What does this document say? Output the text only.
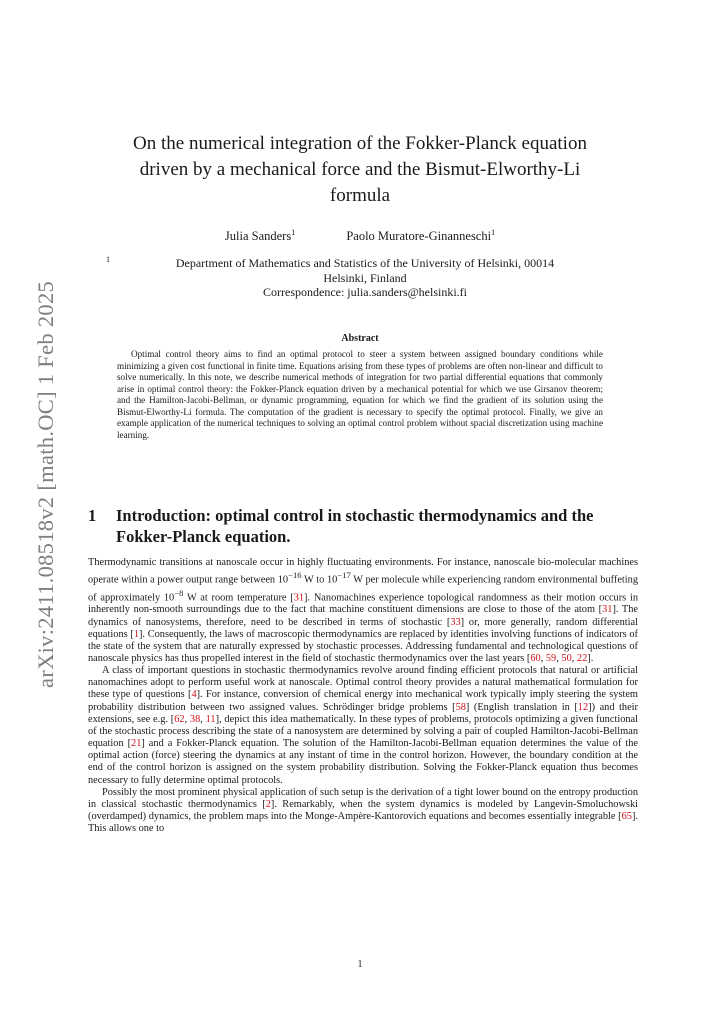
arXiv:2411.08518v2 [math.OC] 1 Feb 2025
On the numerical integration of the Fokker-Planck equation
driven by a mechanical force and the Bismut-Elworthy-Li
formula
Julia Sanders$^1$	Paolo Muratore-Ginanneschi$^1$
1	Department of Mathematics and Statistics of the University of Helsinki, 00014
Helsinki, Finland
Correspondence: julia.sanders@helsinki.fi
Abstract

Optimal control theory aims to find an optimal protocol to steer a system between assigned boundary conditions while minimizing a given cost functional in finite time. Equations arising from these types of problems are often non-linear and difficult to solve numerically. In this note, we describe numerical methods of integration for two partial differential equations that commonly arise in optimal control theory: the Fokker-Planck equation driven by a mechanical potential for which we use Girsanov theorem; and the Hamilton-Jacobi-Bellman, or dynamic programming, equation for which we find the gradient of its solution using the Bismut-Elworthy-Li formula. The computation of the gradient is necessary to specify the optimal protocol. Finally, we give an example application of the numerical techniques to solving an optimal control problem without spacial discretization using machine learning.

1 Introduction: optimal control in stochastic thermodynamics and the Fokker-Planck equation.

Thermodynamic transitions at nanoscale occur in highly fluctuating environments. For instance, nanoscale bio-molecular machines operate within a power output range between $10^{-16}$ W to $10^{-17}$ W per molecule while experiencing random environmental buffeting of approximately $10^{-8}$ W at room temperature [31]. Nanomachines experience topological randomness as their motion occurs in inherently non-smooth surroundings due to the fact that machine constituent dimensions are close to those of the atom [31]. The dynamics of nanosystems, therefore, need to be described in terms of stochastic [33] or, more generally, random differential equations [1]. Consequently, the laws of macroscopic thermodynamics are replaced by identities involving functions of indicators of the state of the system that are naturally expressed by stochastic processes. Addressing fundamental and technological questions of nanoscale physics has thus propelled interest in the field of stochastic thermodynamics over the last years [60, 59, 50, 22].

A class of important questions in stochastic thermodynamics revolve around finding efficient protocols that natural or artificial nanomachines adopt to perform useful work at nanoscale. Optimal control theory provides a natural mathematical formulation for these type of questions [4]. For instance, conversion of chemical energy into mechanical work typically imply steering the system probability distribution between two assigned values. Schrödinger bridge problems [58] (English translation in [12]) and their extensions, see e.g. [62, 38, 11], depict this idea mathematically. In these types of problems, protocols optimizing a given functional of the stochastic process describing the state of a nanosystem are determined by solving a pair of coupled Hamilton-Jacobi-Bellman equation [21] and a Fokker-Planck equation. The solution of the Hamilton-Jacobi-Bellman equation determines the value of the optimal action (force) steering the dynamics at any instant of time in the control horizon. However, the boundary condition at the end of the control horizon is assigned on the system probability distribution. Solving the Fokker-Planck equation thus becomes necessary to fully determine optimal protocols.

Possibly the most prominent physical application of such setup is the derivation of a tight lower bound on the entropy production in classical stochastic thermodynamics [2]. Remarkably, when the system dynamics is modeled by Langevin-Smoluchowski (overdamped) dynamics, the problem maps into the Monge-Ampère-Kantorovich equations and becomes essentially integrable [65]. This allows one to

1
